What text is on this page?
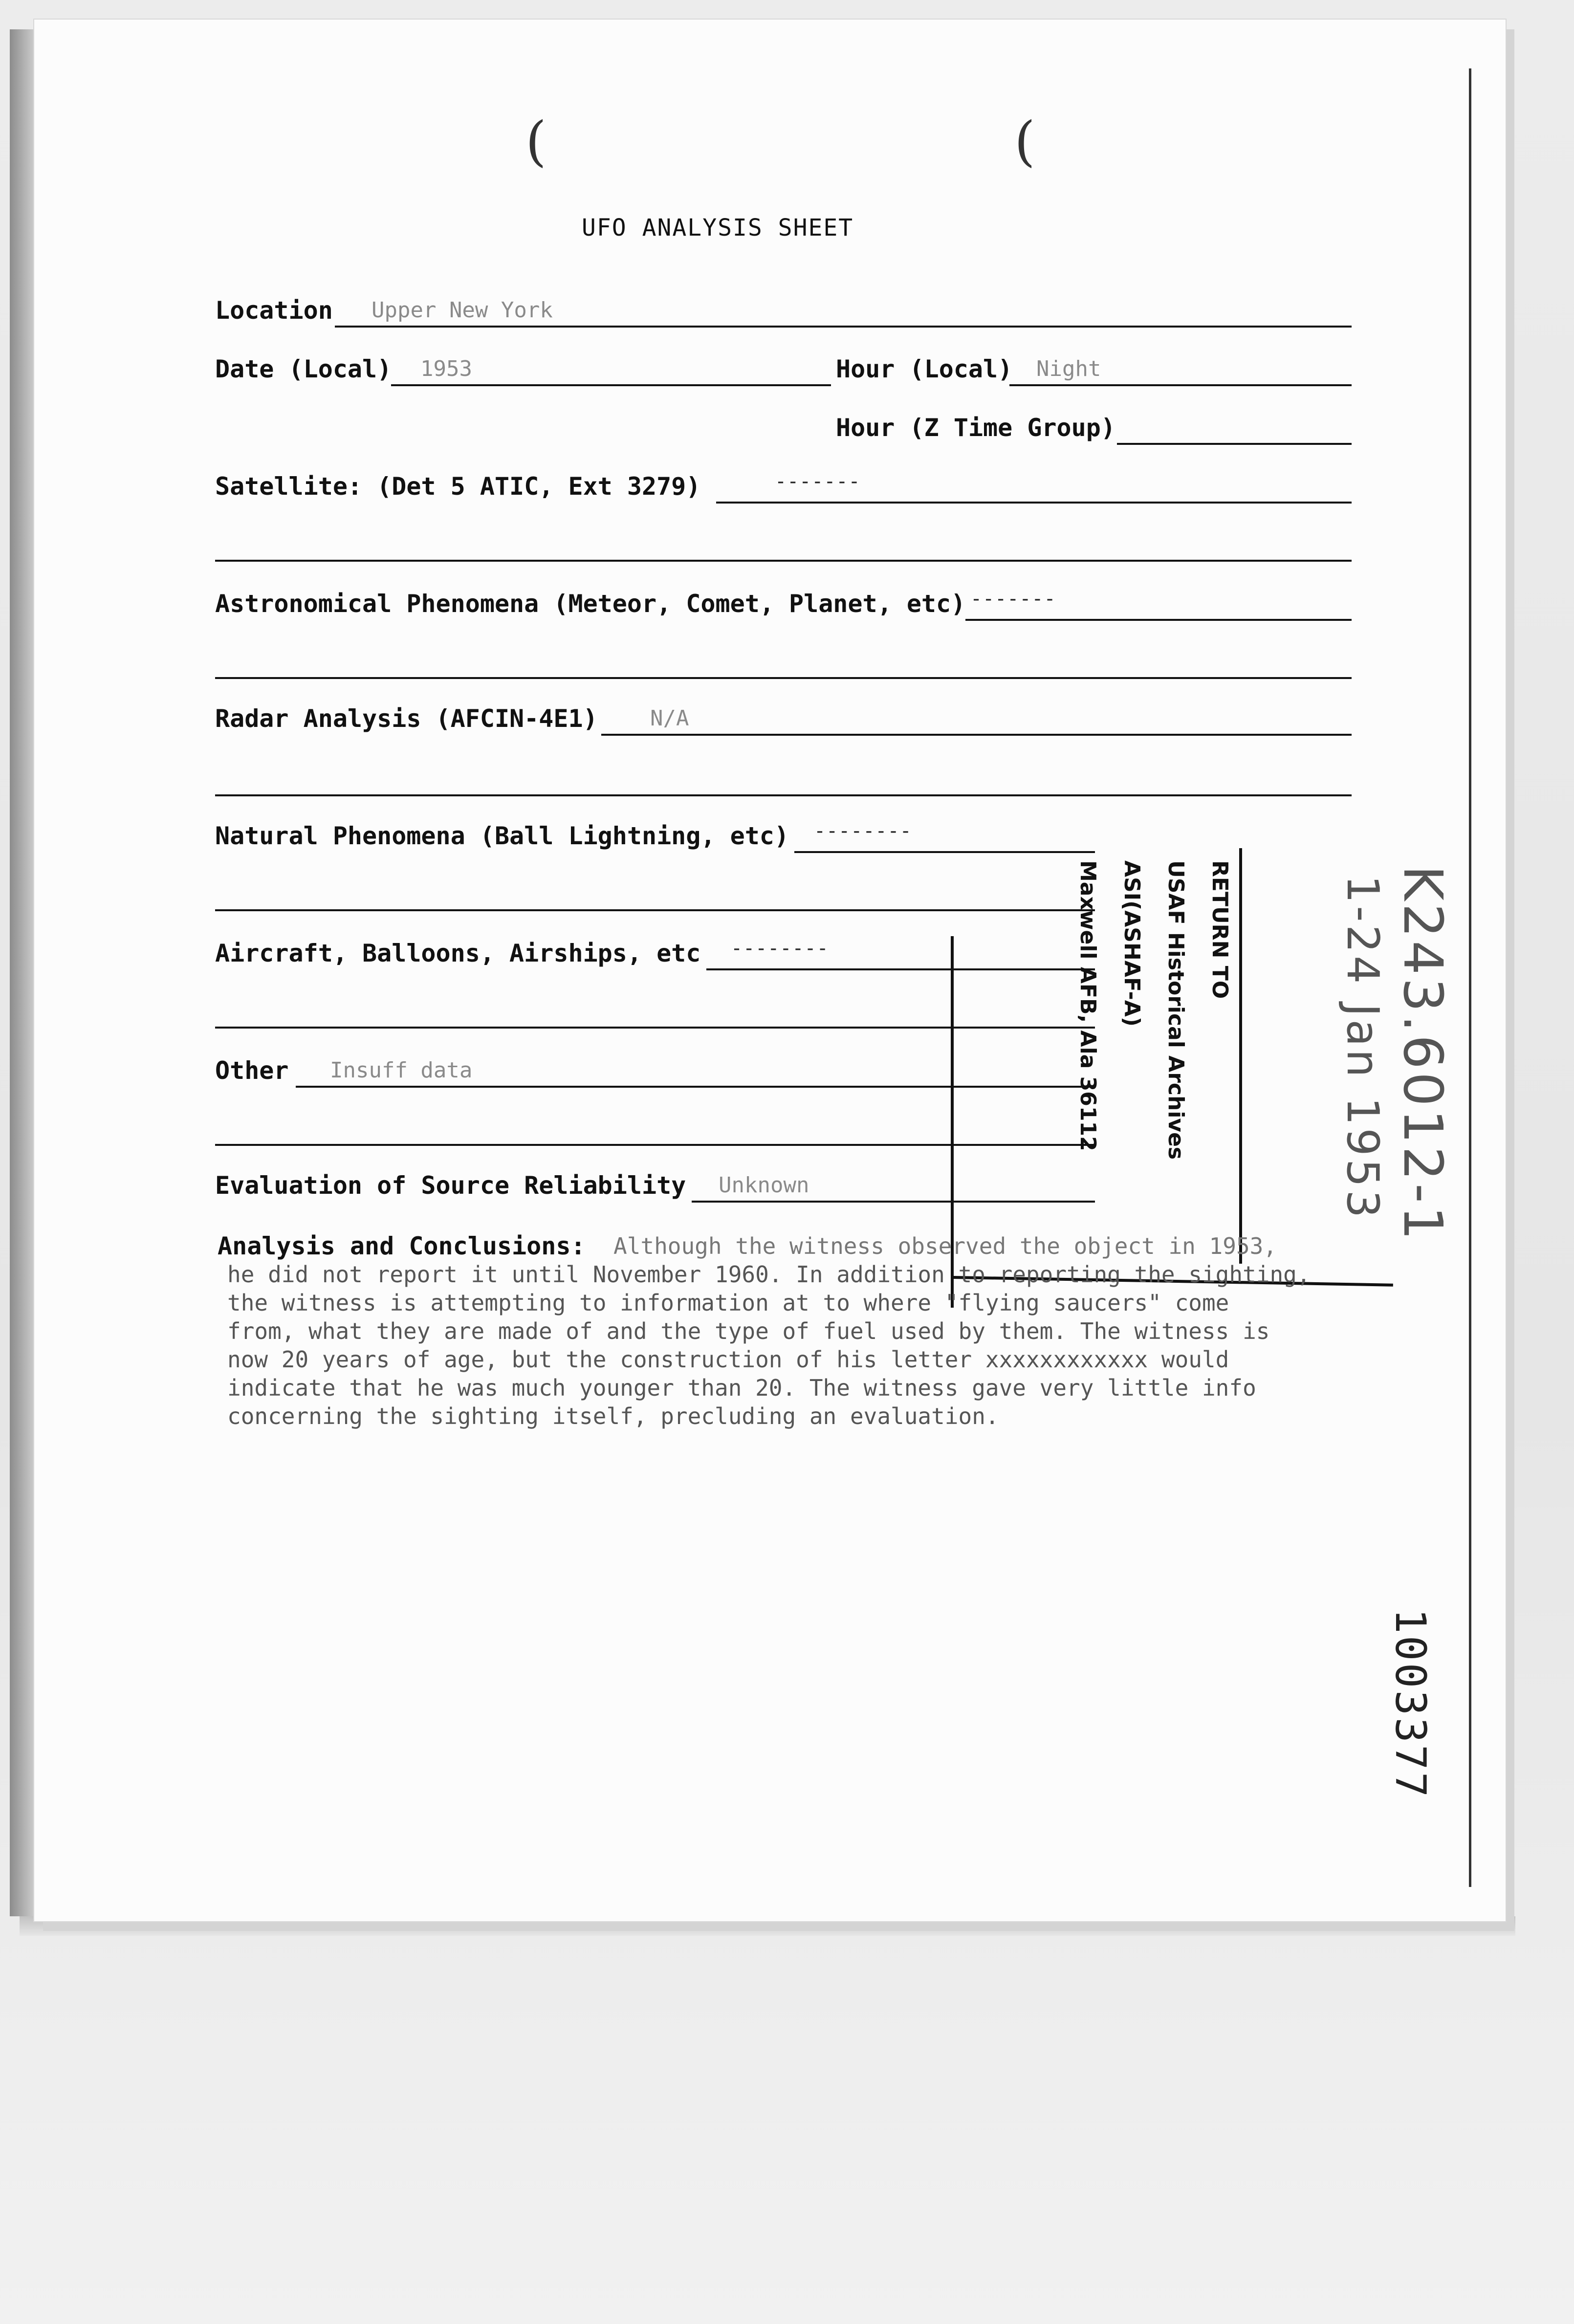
(	(
UFO ANALYSIS SHEET
Location Upper New York
Date (Local) 1953	Hour (Local) Night
Hour (Z Time Group)
Satellite: (Det 5 ATIC, Ext 3279)	-------
Astronomical Phenomena (Meteor, Comet, Planet, etc) -------
Radar Analysis (AFCIN-4E1) N/A
Natural Phenomena (Ball Lightning, etc) --------
Aircraft, Balloons, Airships, etc --------
Other Insuff data
Evaluation of Source Reliability Unknown
RETURN TO
USAF Historical Archives
ASI(ASHAF-A)
Maxwell AFB, Ala 36112	K243.6012-1
1-24 Jan 1953
Analysis and Conclusions: Although the witness observed the object in 1953,
he did not report it until November 1960. In addition to reporting the sighting,
the witness is attempting to information at to where "flying saucers" come
from, what they are made of and the type of fuel used by them. The witness is
now 20 years of age, but the construction of his letter xxxxxxxxxxxx would
indicate that he was much younger than 20. The witness gave very little info
concerning the sighting itself, precluding an evaluation.
1003377
